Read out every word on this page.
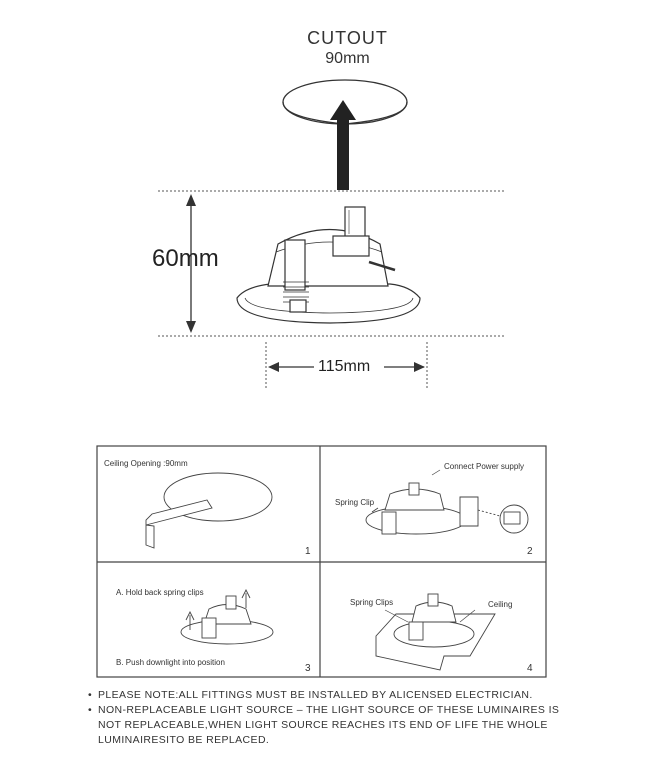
CUTOUT
90mm
60mm
115mm
Ceiling Opening :90mm
1
Connect Power supply
Spring Clip
2
A. Hold back spring clips
B. Push downlight into position
3
Spring Clips	Ceiling
4
• PLEASE NOTE:ALL FITTINGS MUST BE INSTALLED BY ALICENSED ELECTRICIAN.
• NON-REPLACEABLE LIGHT SOURCE – THE LIGHT SOURCE OF THESE LUMINAIRES IS NOT REPLACEABLE,WHEN LIGHT SOURCE REACHES ITS END OF LIFE THE WHOLE LUMINAIRESITO BE REPLACED.
